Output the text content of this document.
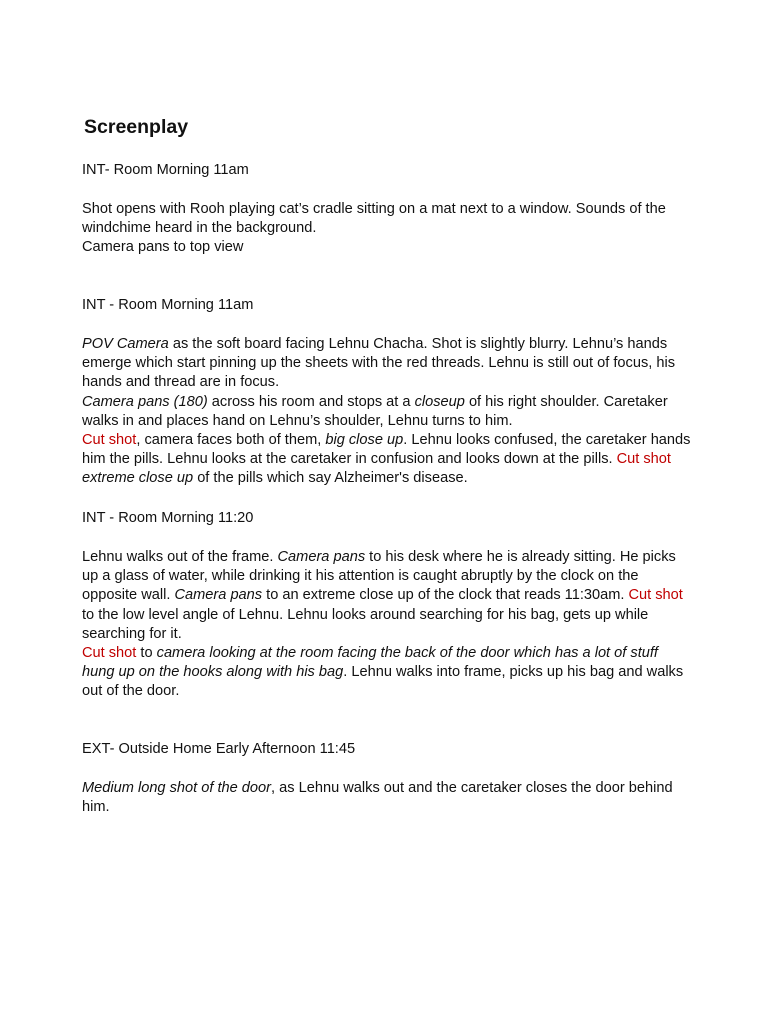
Screenplay

INT- Room Morning 11am

Shot opens with Rooh playing cat’s cradle sitting on a mat next to a window. Sounds of the windchime heard in the background.

Camera pans to top view

INT - Room Morning 11am

POV Camera as the soft board facing Lehnu Chacha. Shot is slightly blurry. Lehnu’s hands emerge which start pinning up the sheets with the red threads. Lehnu is still out of focus, his hands and thread are in focus.

Camera pans (180) across his room and stops at a closeup of his right shoulder. Caretaker walks in and places hand on Lehnu’s shoulder, Lehnu turns to him.

Cut shot, camera faces both of them, big close up. Lehnu looks confused, the caretaker hands him the pills. Lehnu looks at the caretaker in confusion and looks down at the pills. Cut shot extreme close up of the pills which say Alzheimer's disease.

INT - Room Morning 11:20

Lehnu walks out of the frame. Camera pans to his desk where he is already sitting. He picks up a glass of water, while drinking it his attention is caught abruptly by the clock on the opposite wall. Camera pans to an extreme close up of the clock that reads 11:30am. Cut shot to the low level angle of Lehnu. Lehnu looks around searching for his bag, gets up while searching for it.

Cut shot to camera looking at the room facing the back of the door which has a lot of stuff hung up on the hooks along with his bag. Lehnu walks into frame, picks up his bag and walks out of the door.

EXT- Outside Home Early Afternoon 11:45

Medium long shot of the door, as Lehnu walks out and the caretaker closes the door behind him.
